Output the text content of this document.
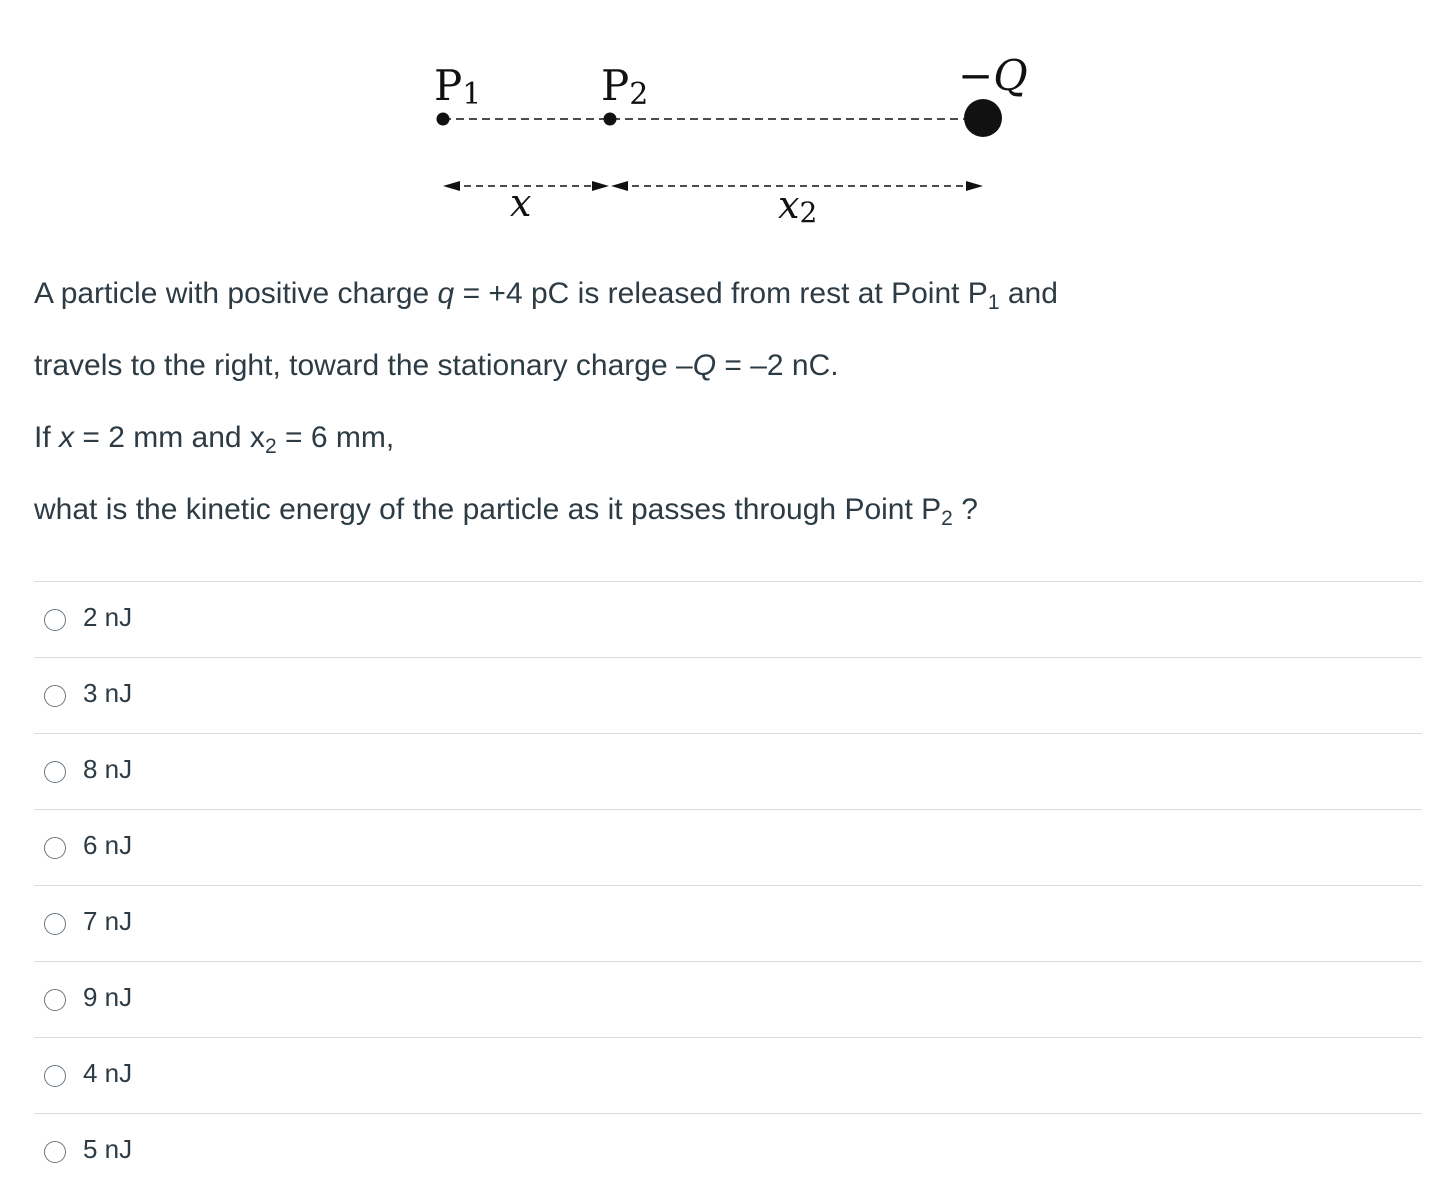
P1	P2	−Q
x	x2
A particle with positive charge q = +4 pC is released from rest at Point $P_1$ and
travels to the right, toward the stationary charge –Q = –2 nC.
If x = 2 mm and $x_2 = 6$ mm,
what is the kinetic energy of the particle as it passes through Point $P_2$ ?
2 nJ
3 nJ
8 nJ
6 nJ
7 nJ
9 nJ
4 nJ
5 nJ
